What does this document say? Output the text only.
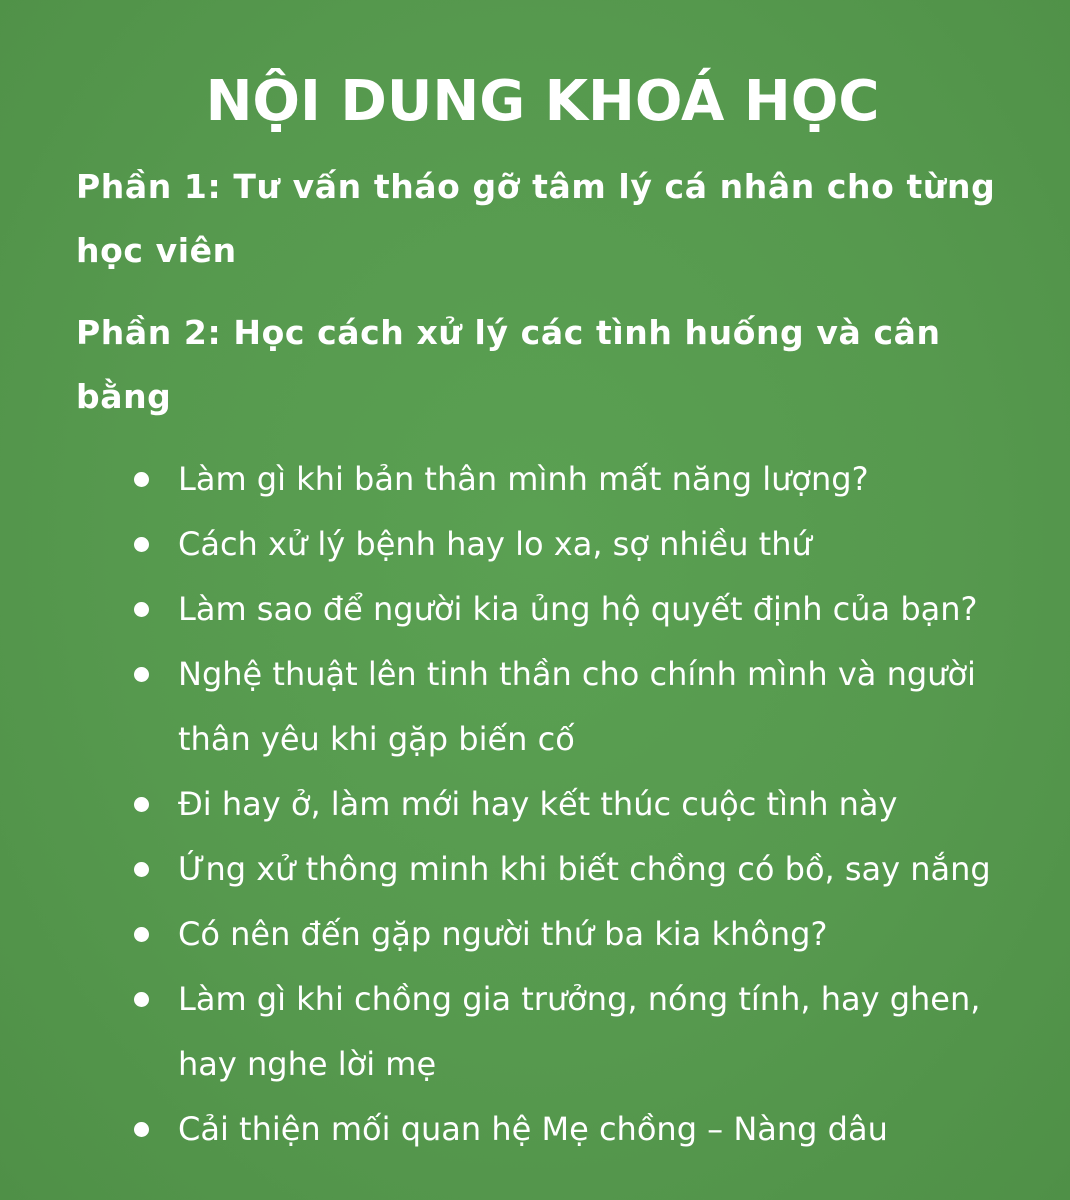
NỘI DUNG KHOÁ HỌC
Phần 1: Tư vấn tháo gỡ tâm lý cá nhân cho từng học viên
Phần 2: Học cách xử lý các tình huống và cân bằng
Làm gì khi bản thân mình mất năng lượng?
Cách xử lý bệnh hay lo xa, sợ nhiều thứ
Làm sao để người kia ủng hộ quyết định của bạn?
Nghệ thuật lên tinh thần cho chính mình và người thân yêu khi gặp biến cố
Đi hay ở, làm mới hay kết thúc cuộc tình này
Ứng xử thông minh khi biết chồng có bồ, say nắng
Có nên đến gặp người thứ ba kia không?
Làm gì khi chồng gia trưởng, nóng tính, hay ghen, hay nghe lời mẹ
Cải thiện mối quan hệ Mẹ chồng – Nàng dâu
